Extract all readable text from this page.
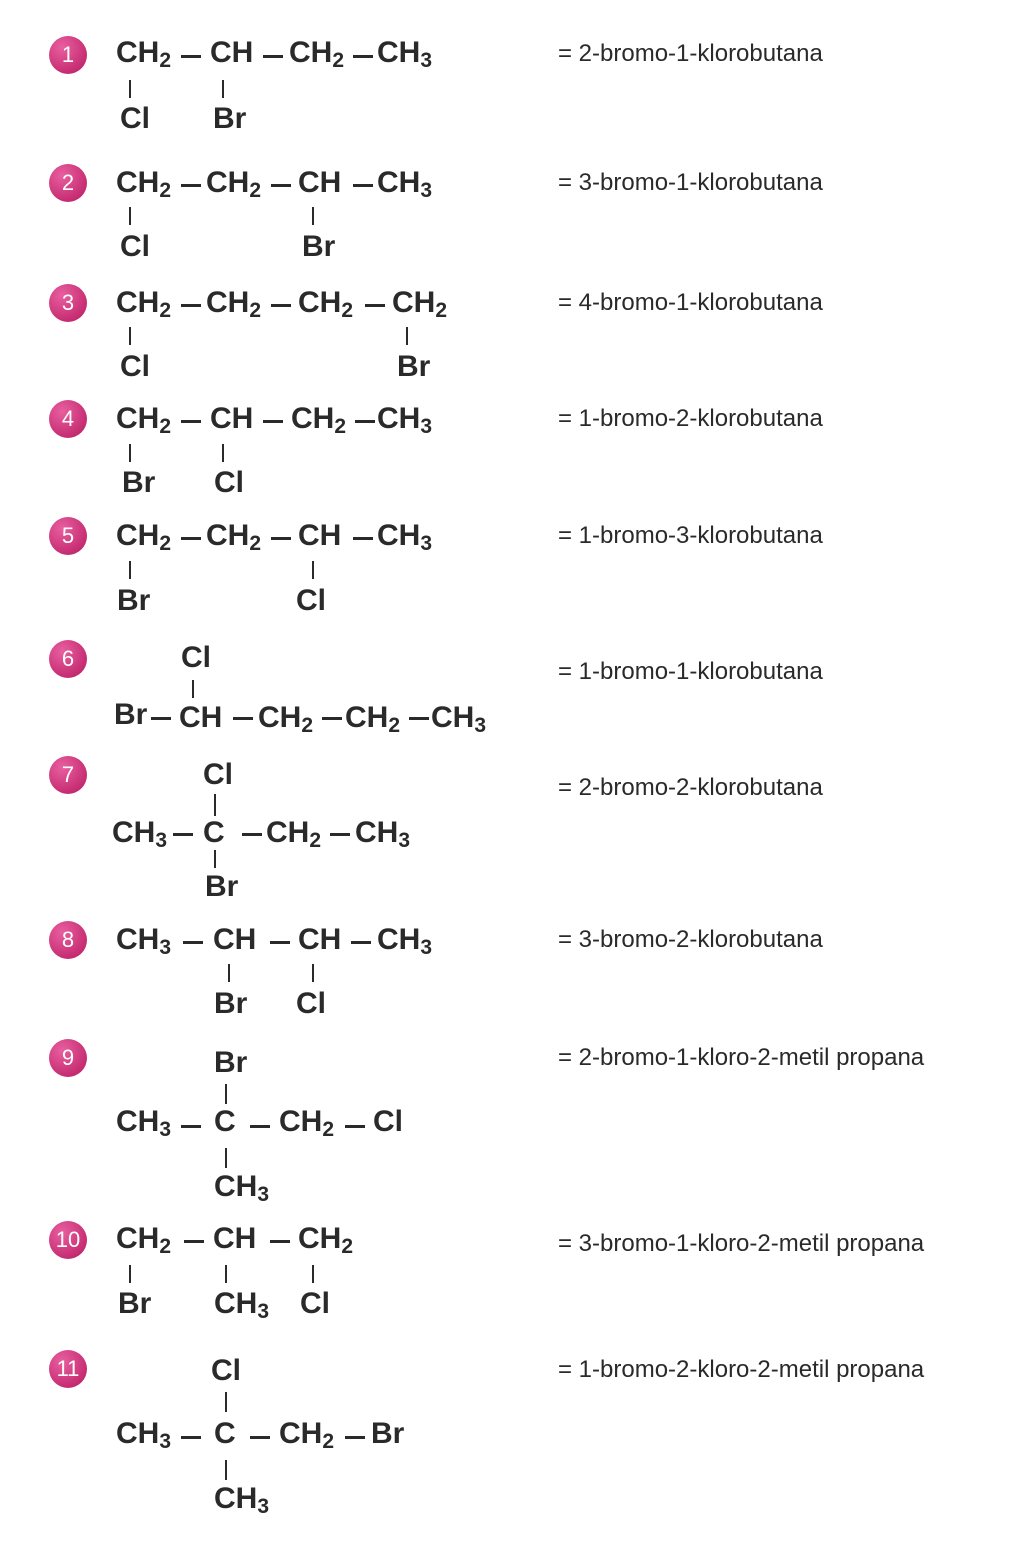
1	$CH_2$ CH $CH_2$ $CH_3$
Cl Br
= 2-bromo-1-klorobutana
2	$CH_2$ $CH_2$ CH $CH_3$
Cl	Br
= 3-bromo-1-klorobutana
3	$CH_2$ $CH_2$ $CH_2$ $CH_2$
Cl	Br
= 4-bromo-1-klorobutana
4	$CH_2$ CH $CH_2$ $CH_3$
Br Cl
= 1-bromo-2-klorobutana
5	$CH_2$ $CH_2$ CH $CH_3$
Br	Cl
= 1-bromo-3-klorobutana
6	Cl
Br CH $CH_2$ $CH_2$ $CH_3$
= 1-bromo-1-klorobutana
7	Cl
$CH_3$ C $CH_2$ $CH_3$
Br
= 2-bromo-2-klorobutana
8	$CH_3$ CH CH $CH_3$
Br Cl
= 3-bromo-2-klorobutana
9	Br
$CH_3$ C $CH_2$ Cl
$CH_3$
= 2-bromo-1-kloro-2-metil propana
10 $CH_2$ CH $CH_2$
Br $CH_3$ Cl
= 3-bromo-1-kloro-2-metil propana
11	Cl
$CH_3$ C $CH_2$ Br
$CH_3$
= 1-bromo-2-kloro-2-metil propana
